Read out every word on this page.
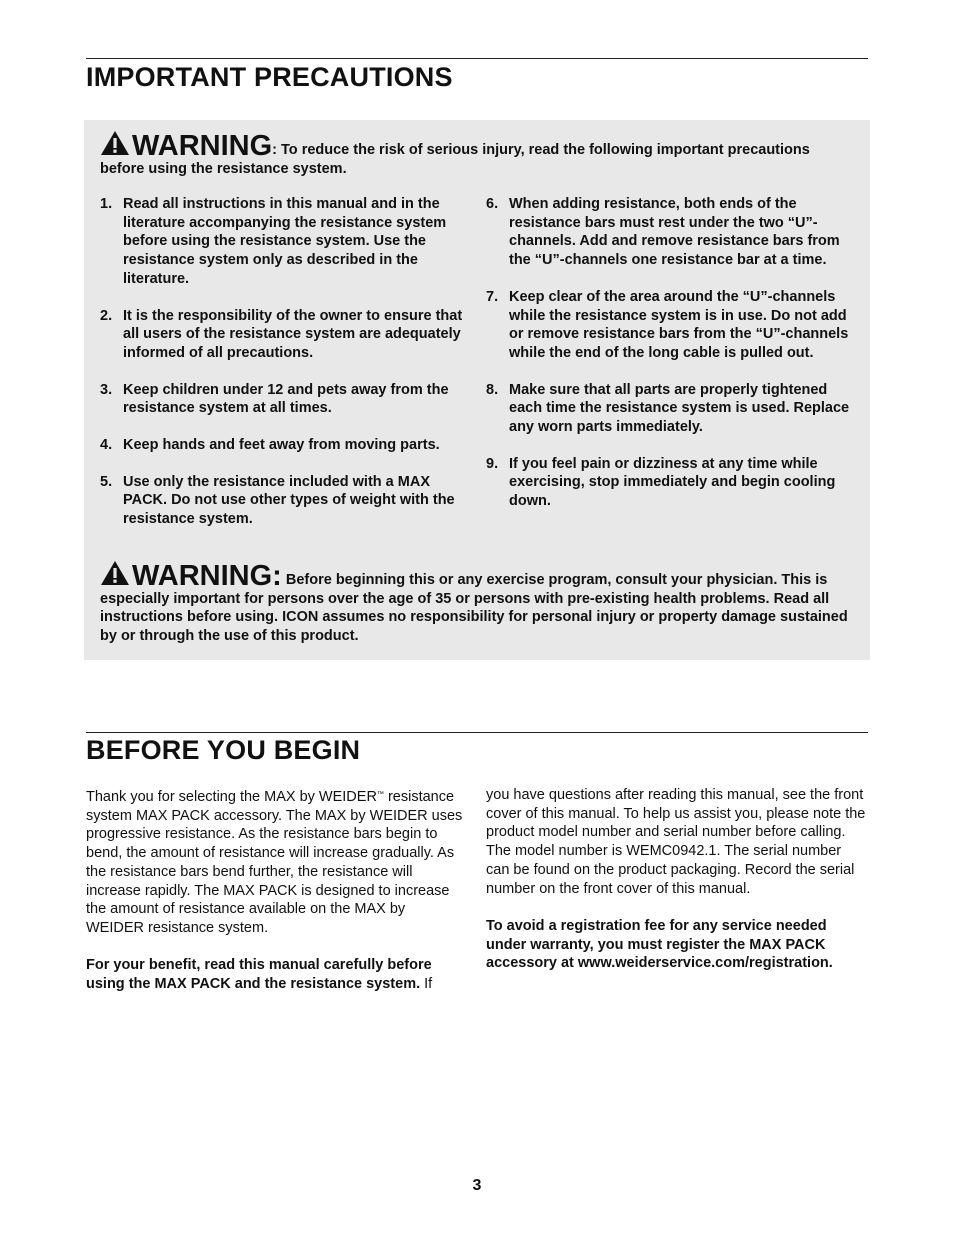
IMPORTANT PRECAUTIONS
WARNING: To reduce the risk of serious injury, read the following important precautions before using the resistance system.
1. Read all instructions in this manual and in the literature accompanying the resistance system before using the resistance system. Use the resistance system only as described in the literature.
2. It is the responsibility of the owner to ensure that all users of the resistance system are adequately informed of all precautions.
3. Keep children under 12 and pets away from the resistance system at all times.
4. Keep hands and feet away from moving parts.
5. Use only the resistance included with a MAX PACK. Do not use other types of weight with the resistance system.
6. When adding resistance, both ends of the resistance bars must rest under the two “U”-channels. Add and remove resistance bars from the “U”-channels one resistance bar at a time.
7. Keep clear of the area around the “U”-channels while the resistance system is in use. Do not add or remove resistance bars from the “U”-channels while the end of the long cable is pulled out.
8. Make sure that all parts are properly tightened each time the resistance system is used. Replace any worn parts immediately.
9. If you feel pain or dizziness at any time while exercising, stop immediately and begin cooling down.
WARNING: Before beginning this or any exercise program, consult your physician. This is especially important for persons over the age of 35 or persons with pre-existing health problems. Read all instructions before using. ICON assumes no responsibility for personal injury or property damage sustained by or through the use of this product.
BEFORE YOU BEGIN

Thank you for selecting the MAX by WEIDER™ resistance system MAX PACK accessory. The MAX by WEIDER uses progressive resistance. As the resistance bars begin to bend, the amount of resistance will increase gradually. As the resistance bars bend further, the resistance will increase rapidly. The MAX PACK is designed to increase the amount of resistance available on the MAX by WEIDER resistance system.

For your benefit, read this manual carefully before using the MAX PACK and the resistance system. If

you have questions after reading this manual, see the front cover of this manual. To help us assist you, please note the product model number and serial number before calling. The model number is WEMC0942.1. The serial number can be found on the product packaging. Record the serial number on the front cover of this manual.

To avoid a registration fee for any service needed under warranty, you must register the MAX PACK accessory at www.weiderservice.com/registration.

3
